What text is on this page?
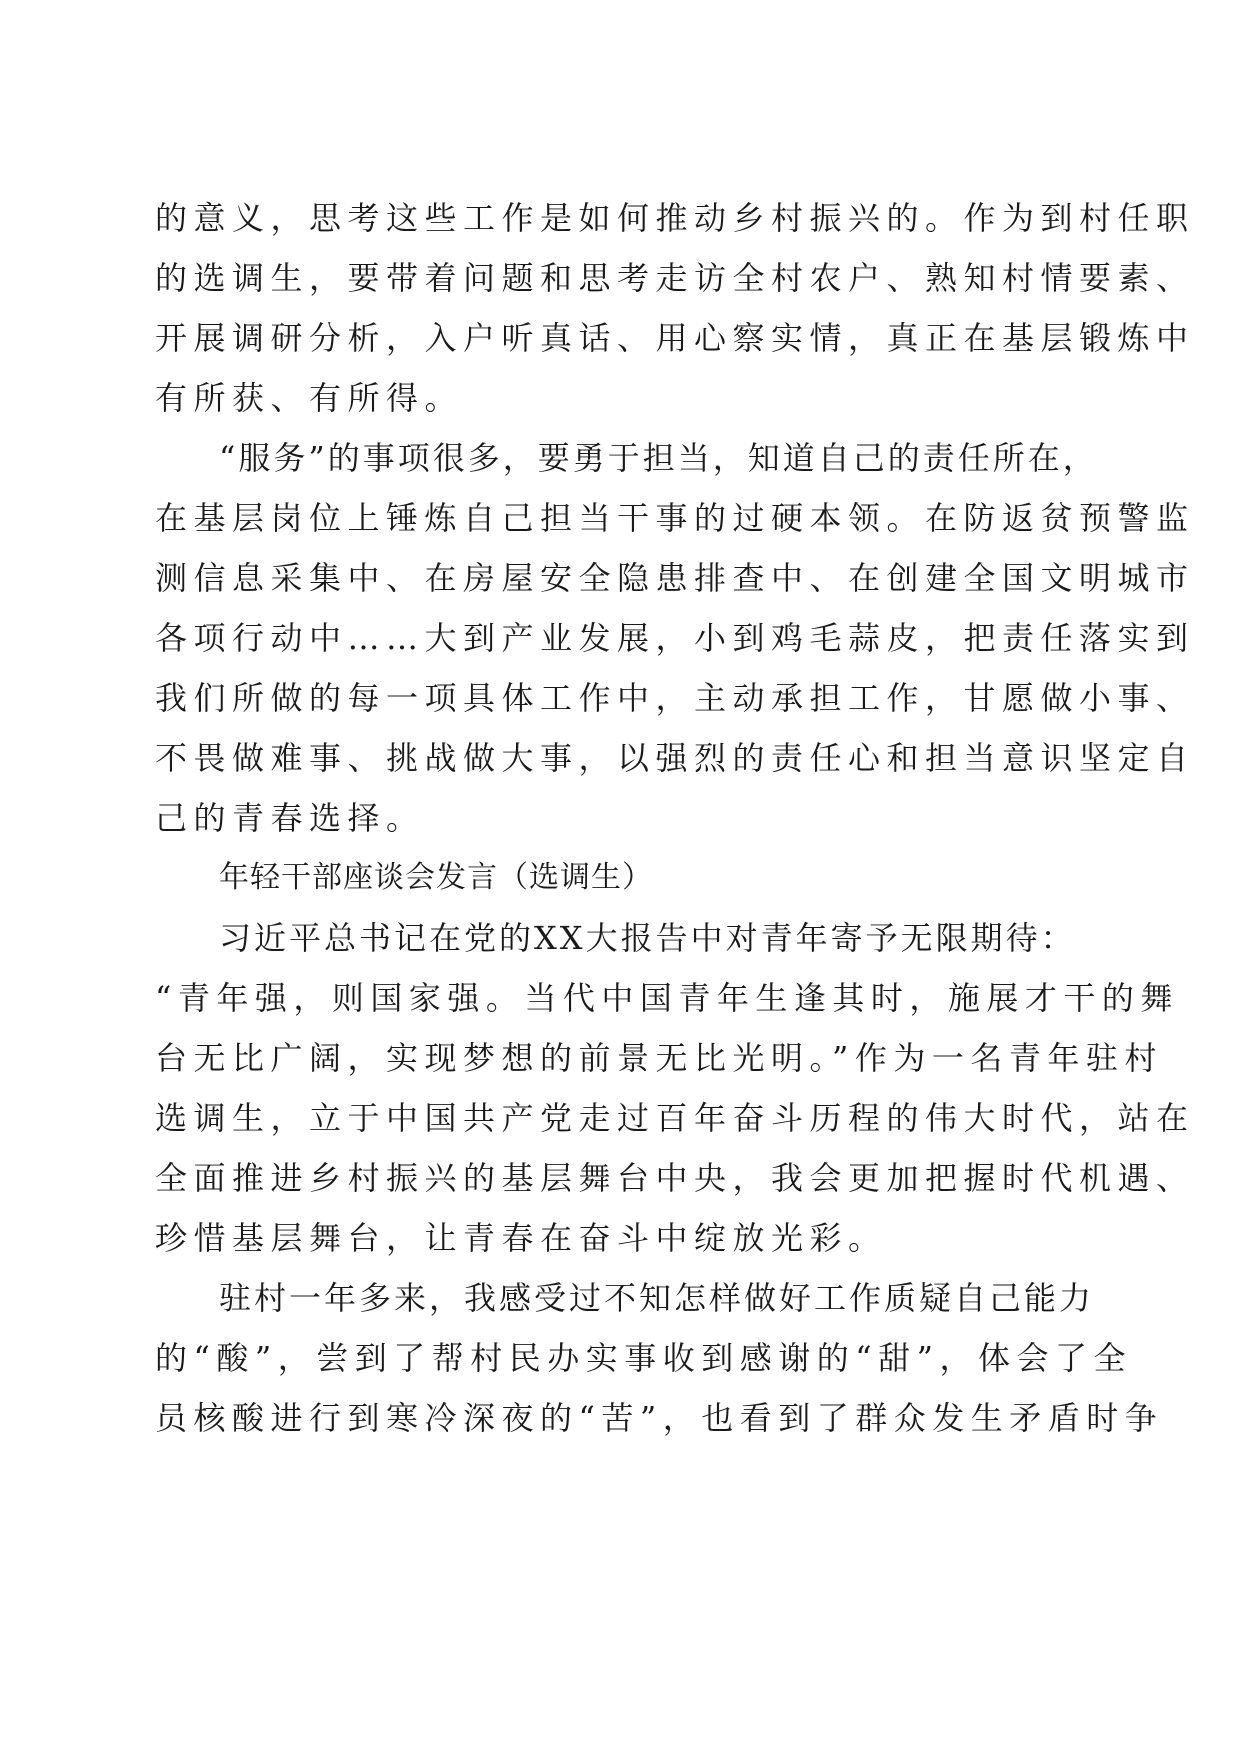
的意义，思考这些工作是如何推动乡村振兴的。作为到村任职
的选调生，要带着问题和思考走访全村农户、熟知村情要素、
开展调研分析，入户听真话、用心察实情，真正在基层锻炼中
有所获、有所得。
“服务”的事项很多，要勇于担当，知道自己的责任所在，
在基层岗位上锤炼自己担当干事的过硬本领。在防返贫预警监
测信息采集中、在房屋安全隐患排查中、在创建全国文明城市
各项行动中……大到产业发展，小到鸡毛蒜皮，把责任落实到
我们所做的每一项具体工作中，主动承担工作，甘愿做小事、
不畏做难事、挑战做大事，以强烈的责任心和担当意识坚定自
己的青春选择。
年轻干部座谈会发言（选调生）
习近平总书记在党的XX大报告中对青年寄予无限期待：
“青年强，则国家强。当代中国青年生逢其时，施展才干的舞
台无比广阔，实现梦想的前景无比光明。”作为一名青年驻村
选调生，立于中国共产党走过百年奋斗历程的伟大时代，站在
全面推进乡村振兴的基层舞台中央，我会更加把握时代机遇、
珍惜基层舞台，让青春在奋斗中绽放光彩。
驻村一年多来，我感受过不知怎样做好工作质疑自己能力
的“酸”，尝到了帮村民办实事收到感谢的“甜”，体会了全
员核酸进行到寒冷深夜的“苦”，也看到了群众发生矛盾时争
